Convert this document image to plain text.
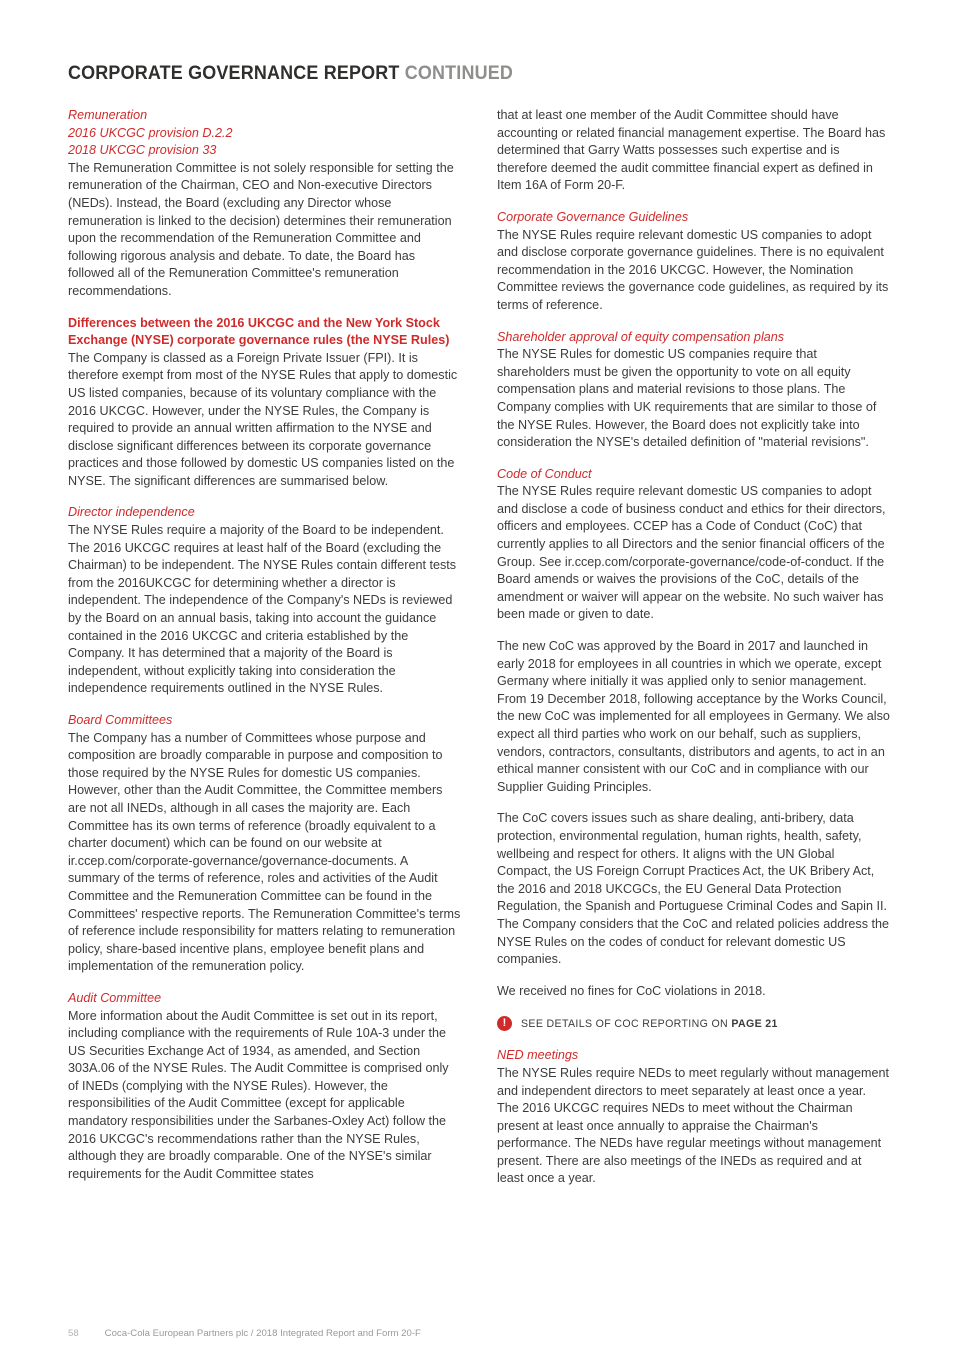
CORPORATE GOVERNANCE REPORT CONTINUED
Remuneration
2016 UKCGC provision D.2.2
2018 UKCGC provision 33

The Remuneration Committee is not solely responsible for setting the remuneration of the Chairman, CEO and Non-executive Directors (NEDs). Instead, the Board (excluding any Director whose remuneration is linked to the decision) determines their remuneration upon the recommendation of the Remuneration Committee and following rigorous analysis and debate. To date, the Board has followed all of the Remuneration Committee's remuneration recommendations.

Differences between the 2016 UKCGC and the New York Stock Exchange (NYSE) corporate governance rules (the NYSE Rules)

The Company is classed as a Foreign Private Issuer (FPI). It is therefore exempt from most of the NYSE Rules that apply to domestic US listed companies, because of its voluntary compliance with the 2016 UKCGC. However, under the NYSE Rules, the Company is required to provide an annual written affirmation to the NYSE and disclose significant differences between its corporate governance practices and those followed by domestic US companies listed on the NYSE. The significant differences are summarised below.

Director independence

The NYSE Rules require a majority of the Board to be independent. The 2016 UKCGC requires at least half of the Board (excluding the Chairman) to be independent. The NYSE Rules contain different tests from the 2016UKCGC for determining whether a director is independent. The independence of the Company's NEDs is reviewed by the Board on an annual basis, taking into account the guidance contained in the 2016 UKCGC and criteria established by the Company. It has determined that a majority of the Board is independent, without explicitly taking into consideration the independence requirements outlined in the NYSE Rules.

Board Committees

The Company has a number of Committees whose purpose and composition are broadly comparable in purpose and composition to those required by the NYSE Rules for domestic US companies. However, other than the Audit Committee, the Committee members are not all INEDs, although in all cases the majority are. Each Committee has its own terms of reference (broadly equivalent to a charter document) which can be found on our website at ir.ccep.com/corporate-governance/governance-documents. A summary of the terms of reference, roles and activities of the Audit Committee and the Remuneration Committee can be found in the Committees' respective reports. The Remuneration Committee's terms of reference include responsibility for matters relating to remuneration policy, share-based incentive plans, employee benefit plans and implementation of the remuneration policy.

Audit Committee

More information about the Audit Committee is set out in its report, including compliance with the requirements of Rule 10A-3 under the US Securities Exchange Act of 1934, as amended, and Section 303A.06 of the NYSE Rules. The Audit Committee is comprised only of INEDs (complying with the NYSE Rules). However, the responsibilities of the Audit Committee (except for applicable mandatory responsibilities under the Sarbanes-Oxley Act) follow the 2016 UKCGC's recommendations rather than the NYSE Rules, although they are broadly comparable. One of the NYSE's similar requirements for the Audit Committee states

that at least one member of the Audit Committee should have accounting or related financial management expertise. The Board has determined that Garry Watts possesses such expertise and is therefore deemed the audit committee financial expert as defined in Item 16A of Form 20-F.

Corporate Governance Guidelines

The NYSE Rules require relevant domestic US companies to adopt and disclose corporate governance guidelines. There is no equivalent recommendation in the 2016 UKCGC. However, the Nomination Committee reviews the governance code guidelines, as required by its terms of reference.

Shareholder approval of equity compensation plans

The NYSE Rules for domestic US companies require that shareholders must be given the opportunity to vote on all equity compensation plans and material revisions to those plans. The Company complies with UK requirements that are similar to those of the NYSE Rules. However, the Board does not explicitly take into consideration the NYSE's detailed definition of "material revisions".

Code of Conduct

The NYSE Rules require relevant domestic US companies to adopt and disclose a code of business conduct and ethics for their directors, officers and employees. CCEP has a Code of Conduct (CoC) that currently applies to all Directors and the senior financial officers of the Group. See ir.ccep.com/corporate-governance/code-of-conduct. If the Board amends or waives the provisions of the CoC, details of the amendment or waiver will appear on the website. No such waiver has been made or given to date.

The new CoC was approved by the Board in 2017 and launched in early 2018 for employees in all countries in which we operate, except Germany where initially it was applied only to senior management. From 19 December 2018, following acceptance by the Works Council, the new CoC was implemented for all employees in Germany. We also expect all third parties who work on our behalf, such as suppliers, vendors, contractors, consultants, distributors and agents, to act in an ethical manner consistent with our CoC and in compliance with our Supplier Guiding Principles.

The CoC covers issues such as share dealing, anti-bribery, data protection, environmental regulation, human rights, health, safety, wellbeing and respect for others. It aligns with the UN Global Compact, the US Foreign Corrupt Practices Act, the UK Bribery Act, the 2016 and 2018 UKCGCs, the EU General Data Protection Regulation, the Spanish and Portuguese Criminal Codes and Sapin II. The Company considers that the CoC and related policies address the NYSE Rules on the codes of conduct for relevant domestic US companies.

We received no fines for CoC violations in 2018.

!	SEE DETAILS OF COC REPORTING ON PAGE 21
NED meetings

The NYSE Rules require NEDs to meet regularly without management and independent directors to meet separately at least once a year. The 2016 UKCGC requires NEDs to meet without the Chairman present at least once annually to appraise the Chairman's performance. The NEDs have regular meetings without management present. There are also meetings of the INEDs as required and at least once a year.

58	Coca-Cola European Partners plc / 2018 Integrated Report and Form 20-F
